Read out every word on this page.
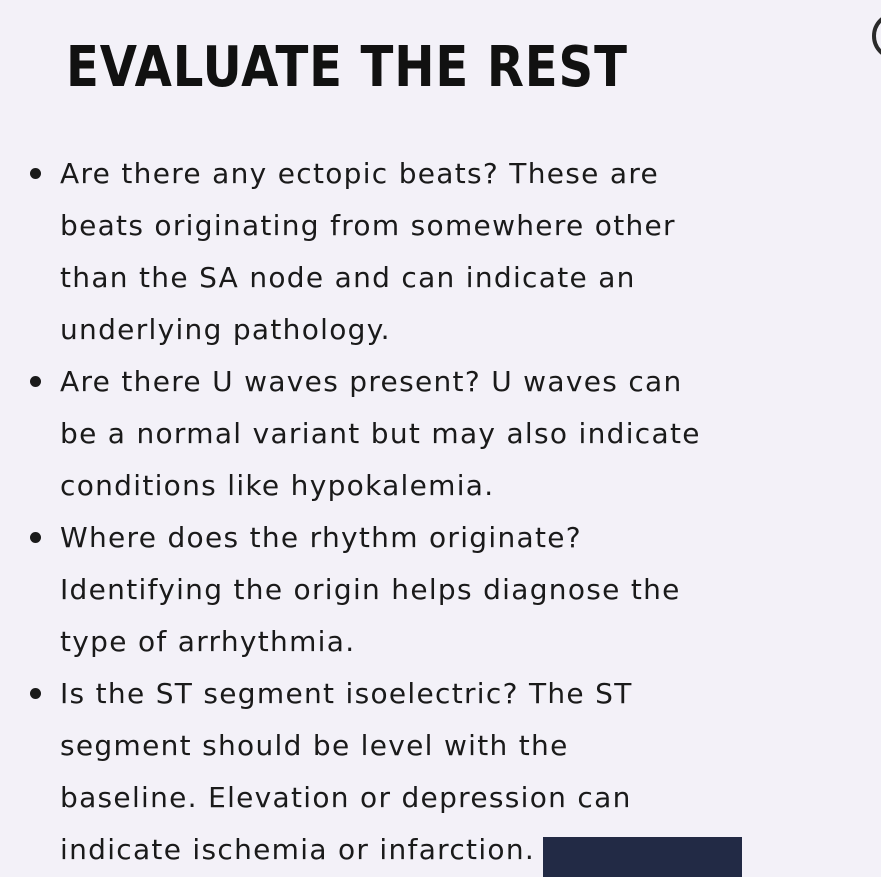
EVALUATE THE REST
Are there any ectopic beats? These are beats originating from somewhere other than the SA node and can indicate an underlying pathology.
Are there U waves present? U waves can be a normal variant but may also indicate conditions like hypokalemia.
Where does the rhythm originate? Identifying the origin helps diagnose the type of arrhythmia.
Is the ST segment isoelectric? The ST segment should be level with the baseline. Elevation or depression can indicate ischemia or infarction.
